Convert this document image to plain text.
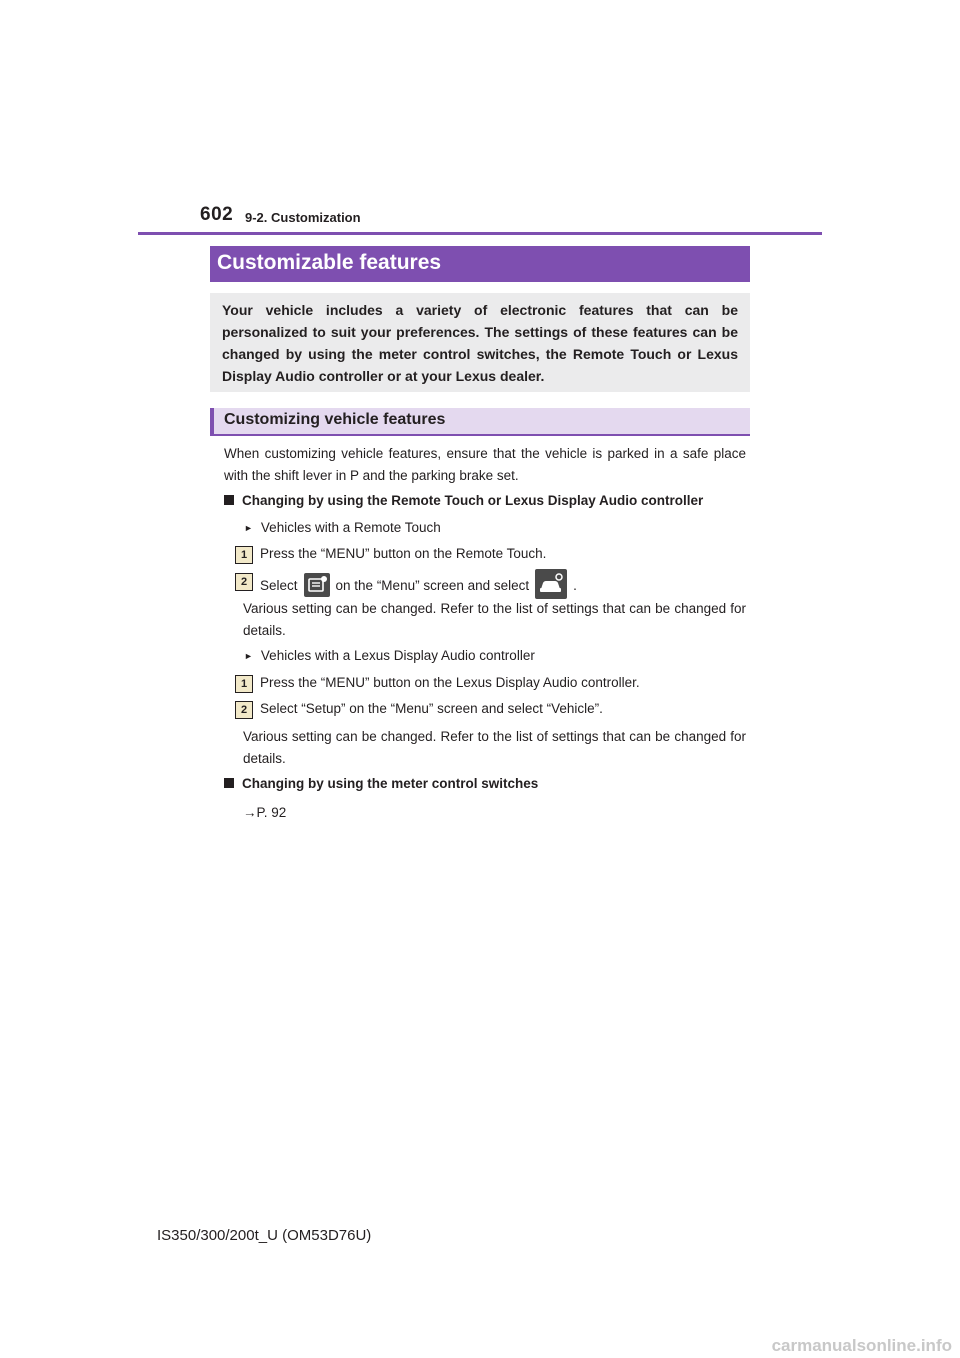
602 9-2. Customization
Customizable features
Your vehicle includes a variety of electronic features that can be personalized to suit your preferences. The settings of these features can be changed by using the meter control switches, the Remote Touch or Lexus Display Audio controller or at your Lexus dealer.
Customizing vehicle features
When customizing vehicle features, ensure that the vehicle is parked in a safe place with the shift lever in P and the parking brake set.
Changing by using the Remote Touch or Lexus Display Audio controller
► Vehicles with a Remote Touch
1 Press the “MENU” button on the Remote Touch.
2 Select	on the “Menu” screen and select	.
Various setting can be changed. Refer to the list of settings that can be changed for details.
► Vehicles with a Lexus Display Audio controller
1 Press the “MENU” button on the Lexus Display Audio controller.
2 Select “Setup” on the “Menu” screen and select “Vehicle”.
Various setting can be changed. Refer to the list of settings that can be changed for details.
Changing by using the meter control switches
→P. 92
IS350/300/200t_U (OM53D76U)
carmanualsonline.info
